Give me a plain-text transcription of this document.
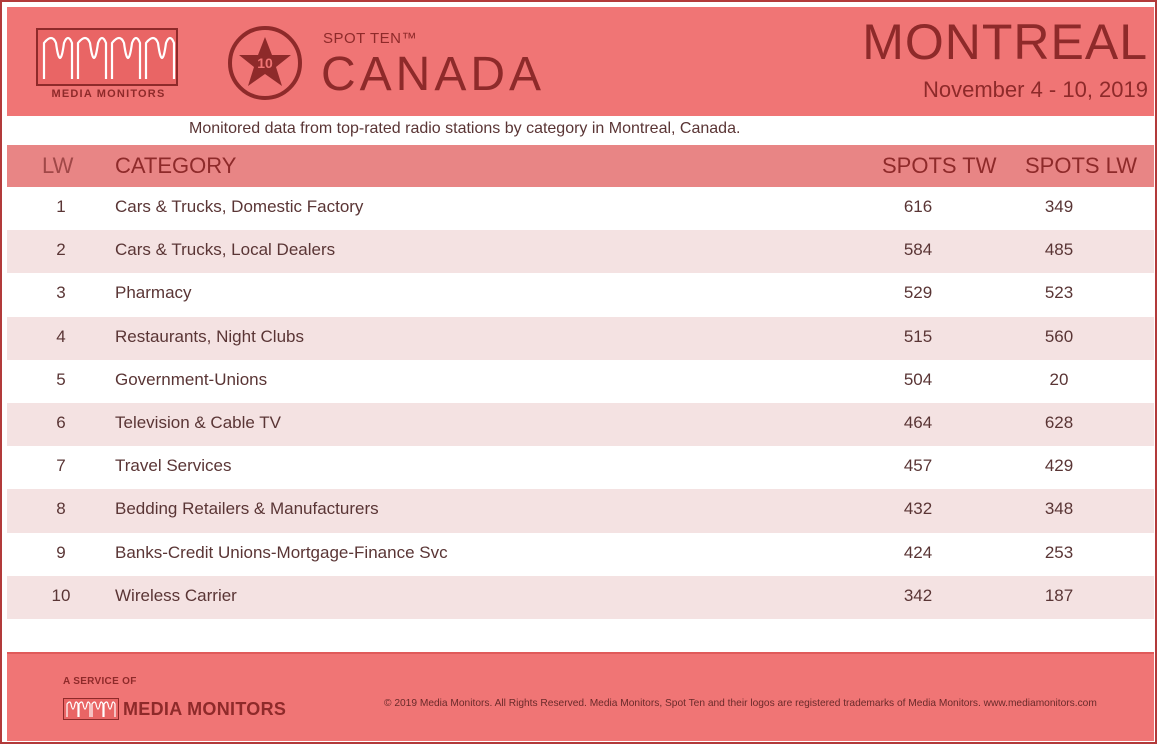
MEDIA MONITORS
10
SPOT TEN™
CANADA
MONTREAL
November 4 - 10, 2019
Monitored data from top-rated radio stations by category in Montreal, Canada.
LW	CATEGORY	SPOTS TW SPOTS LW
1	Cars & Trucks, Domestic Factory	616	349
2	Cars & Trucks, Local Dealers	584	485
3	Pharmacy	529	523
4	Restaurants, Night Clubs	515	560
5	Government-Unions	504	20
6	Television & Cable TV	464	628
7	Travel Services	457	429
8	Bedding Retailers & Manufacturers	432	348
9	Banks-Credit Unions-Mortgage-Finance Svc	424	253
10	Wireless Carrier	342	187
A SERVICE OF
MEDIA MONITORS	© 2019 Media Monitors. All Rights Reserved. Media Monitors, Spot Ten and their logos are registered trademarks of Media Monitors. www.mediamonitors.com
